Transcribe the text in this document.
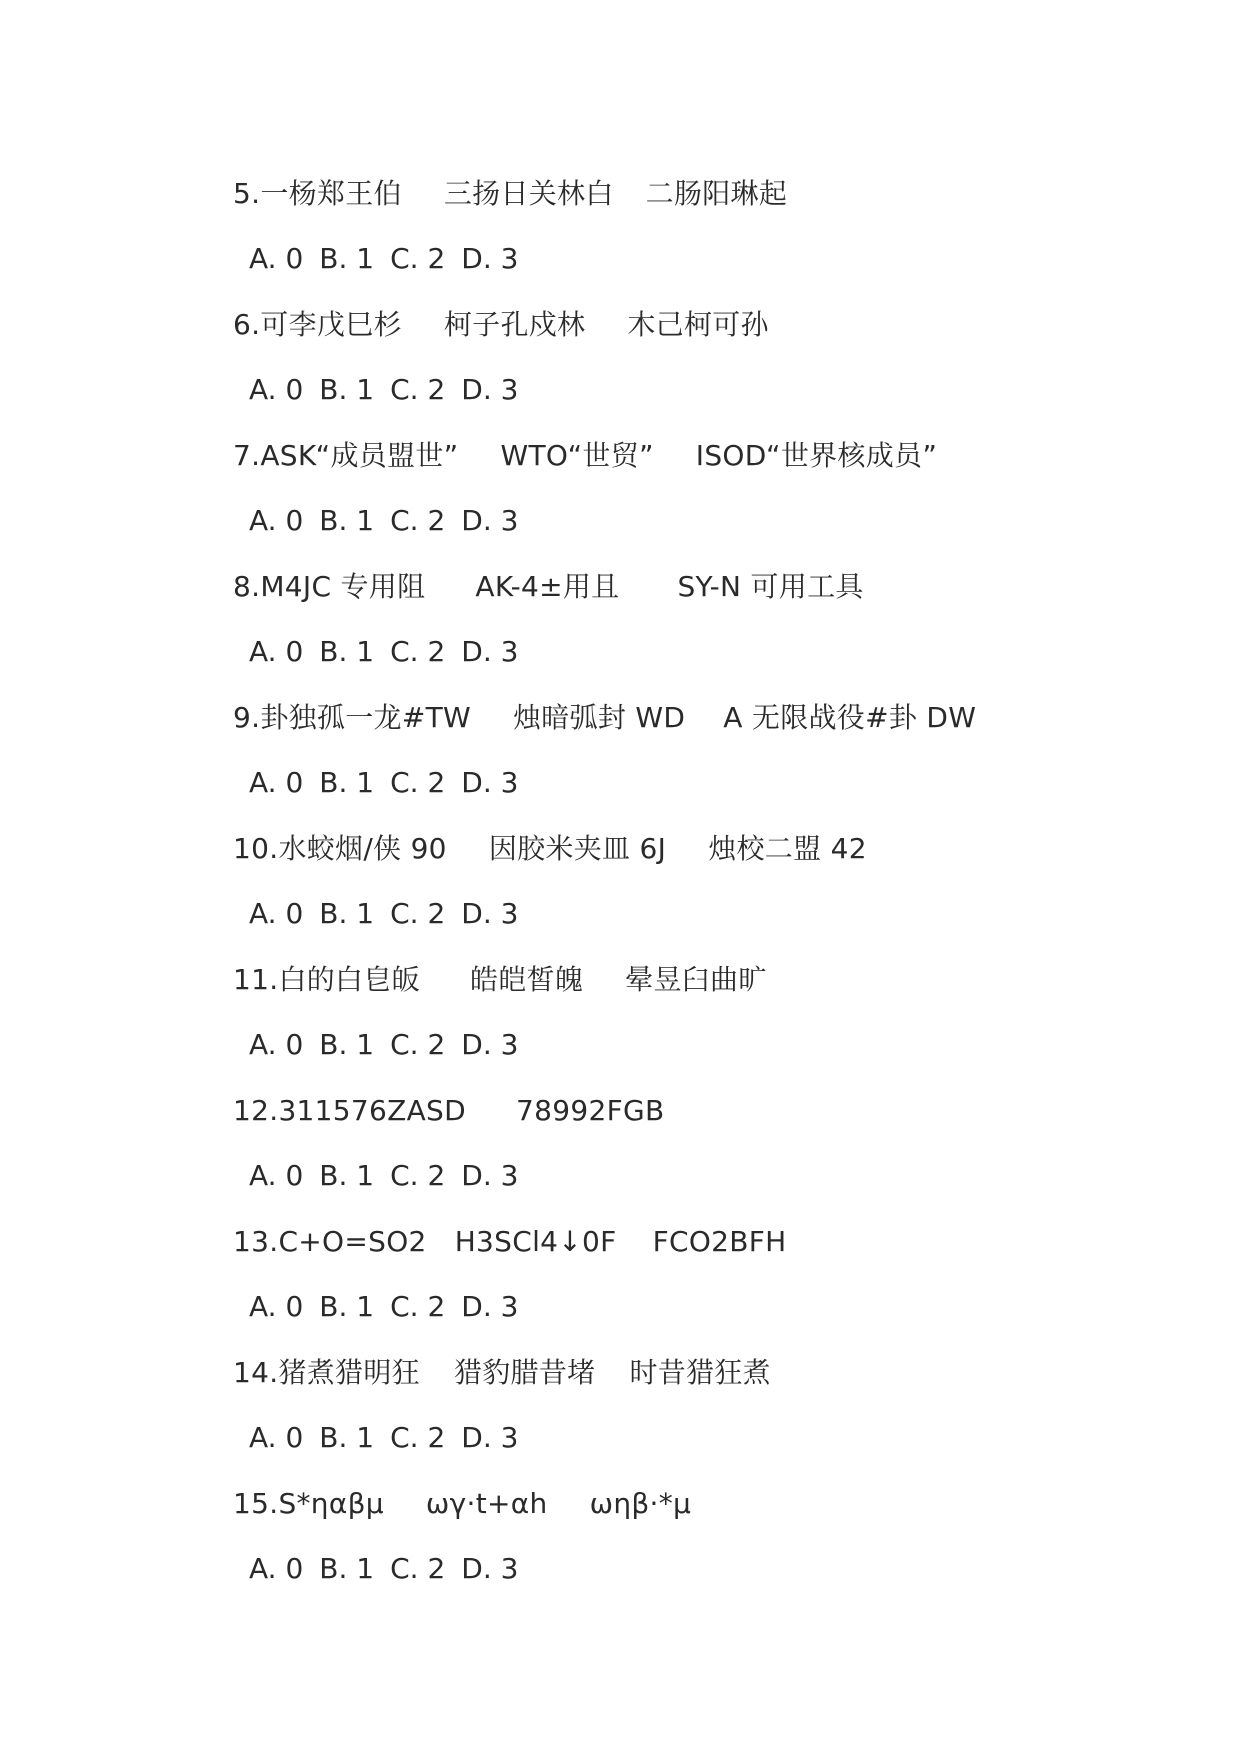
5.一杨郑王伯 三扬日关林白 二肠阳琳起
A. 0 B. 1 C. 2 D. 3
6.可李戊巳杉 柯子孔戍林 木己柯可孙
A. 0 B. 1 C. 2 D. 3
7.ASK“成员盟世” WTO“世贸” ISOD“世界核成员”
A. 0 B. 1 C. 2 D. 3
8.M4JC 专用阻 AK-4±用且 SY-N 可用工具
A. 0 B. 1 C. 2 D. 3
9.卦独孤一龙#TW 烛暗弧封 WD A 无限战役#卦 DW
A. 0 B. 1 C. 2 D. 3
10.水蛟烟/侠 90 因胶米夹皿 6J 烛校二盟 42
A. 0 B. 1 C. 2 D. 3
11.白的白皀皈 皓皑皙魄 晕昱臼曲旷
A. 0 B. 1 C. 2 D. 3
12.311576ZASD 78992FGB
A. 0 B. 1 C. 2 D. 3
13.C+O=SO2 H3SCl4↓0F FCO2BFH
A. 0 B. 1 C. 2 D. 3
14.猪煮猎明狂 猎豹腊昔堵 时昔猎狂煮
A. 0 B. 1 C. 2 D. 3
15.S*ηαβμ ωγ·t+αh ωηβ·*μ
A. 0 B. 1 C. 2 D. 3
